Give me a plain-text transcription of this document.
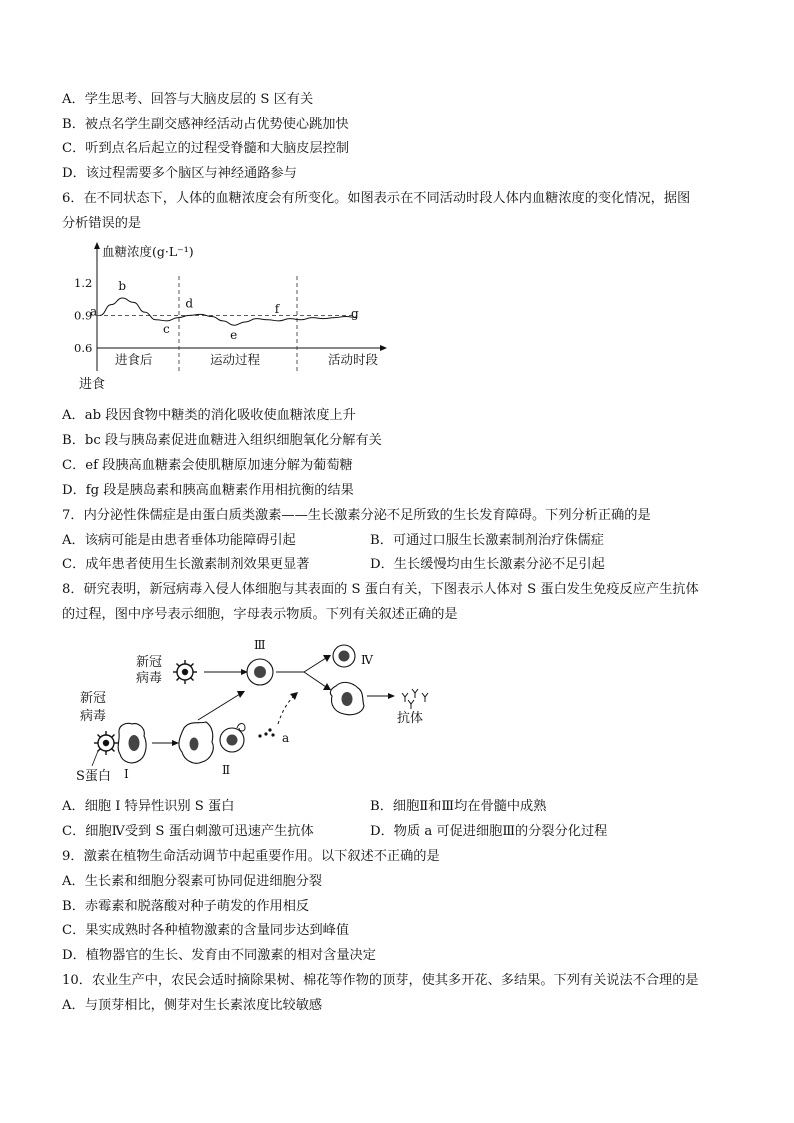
A．学生思考、回答与大脑皮层的 S 区有关
B．被点名学生副交感神经活动占优势使心跳加快
C．听到点名后起立的过程受脊髓和大脑皮层控制
D．该过程需要多个脑区与神经通路参与
6．在不同状态下，人体的血糖浓度会有所变化。如图表示在不同活动时段人体内血糖浓度的变化情况，据图
分析错误的是
血糖浓度(g·L⁻¹)
1.2
0.9
0.6
a
b
c
d
e
f	g
进食后	运动过程	活动时段
进食
A．ab 段因食物中糖类的消化吸收使血糖浓度上升
B．bc 段与胰岛素促进血糖进入组织细胞氧化分解有关
C．ef 段胰高血糖素会使肌糖原加速分解为葡萄糖
D．fg 段是胰岛素和胰高血糖素作用相抗衡的结果
7．内分泌性侏儒症是由蛋白质类激素——生长激素分泌不足所致的生长发育障碍。下列分析正确的是
A．该病可能是由患者垂体功能障碍引起	B．可通过口服生长激素制剂治疗侏儒症
C．成年患者使用生长激素制剂效果更显著	D．生长缓慢均由生长激素分泌不足引起
8．研究表明，新冠病毒入侵人体细胞与其表面的 S 蛋白有关，下图表示人体对 S 蛋白发生免疫反应产生抗体
的过程，图中序号表示细胞，字母表示物质。下列有关叙述正确的是
新冠
病毒
Ⅲ
Ⅳ
抗体
新冠
病毒
S蛋白 Ⅰ	Ⅱ
a
A．细胞 I 特异性识别 S 蛋白	B．细胞Ⅱ和Ⅲ均在骨髓中成熟
C．细胞Ⅳ受到 S 蛋白刺激可迅速产生抗体	D．物质 a 可促进细胞Ⅲ的分裂分化过程
9．激素在植物生命活动调节中起重要作用。以下叙述不正确的是
A．生长素和细胞分裂素可协同促进细胞分裂
B．赤霉素和脱落酸对种子萌发的作用相反
C．果实成熟时各种植物激素的含量同步达到峰值
D．植物器官的生长、发育由不同激素的相对含量决定
10．农业生产中，农民会适时摘除果树、棉花等作物的顶芽，使其多开花、多结果。下列有关说法不合理的是
A．与顶芽相比，侧芽对生长素浓度比较敏感
